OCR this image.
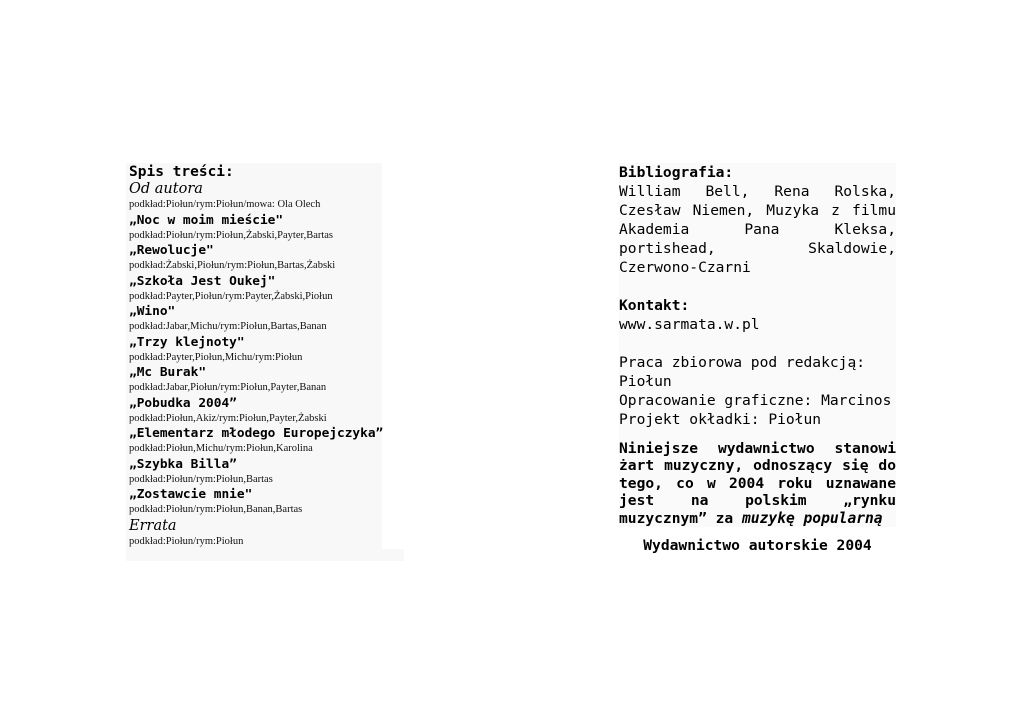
Spis treści:
Od autora
podkład:Piołun/rym:Piołun/mowa: Ola Olech
„Noc w moim mieście"
podkład:Piołun/rym:Piołun,Żabski,Payter,Bartas
„Rewolucje"
podkład:Żabski,Piołun/rym:Piołun,Bartas,Żabski
„Szkoła Jest Oukej"
podkład:Payter,Piołun/rym:Payter,Żabski,Piołun
„Wino"
podkład:Jabar,Michu/rym:Piołun,Bartas,Banan
„Trzy klejnoty"
podkład:Payter,Piołun,Michu/rym:Piołun
„Mc Burak"
podkład:Jabar,Piołun/rym:Piołun,Payter,Banan
„Pobudka 2004”
podkład:Piołun,Akiz/rym:Piołun,Payter,Żabski
„Elementarz młodego Europejczyka”
podkład:Piołun,Michu/rym:Piołun,Karolina
„Szybka Billa”
podkład:Piołun/rym:Piołun,Bartas
„Zostawcie mnie"
podkład:Piołun/rym:Piołun,Banan,Bartas
Errata
podkład:Piołun/rym:Piołun
Bibliografia:

William Bell, Rena Rolska, Czesław Niemen, Muzyka z filmu Akademia Pana Kleksa, portishead, Skaldowie, Czerwono-Czarni

Kontakt:
www.sarmata.w.pl
Praca zbiorowa pod redakcją: Piołun
Opracowanie graficzne: Marcinos
Projekt okładki: Piołun
Niniejsze wydawnictwo stanowi żart muzyczny, odnoszący się do tego, co w 2004 roku uznawane jest na polskim „rynku muzycznym” za muzykę popularną
Wydawnictwo autorskie 2004
